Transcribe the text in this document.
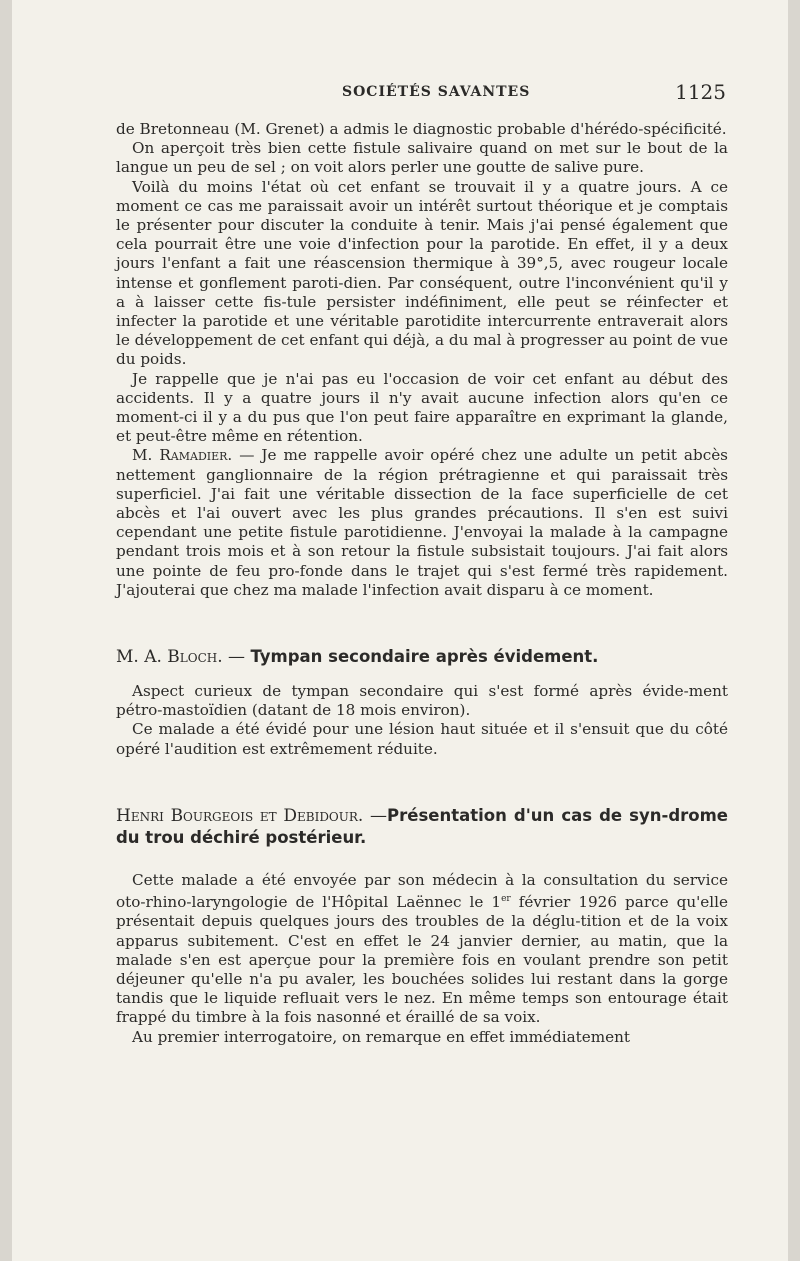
SOCIÉTÉS SAVANTES	1125

de Bretonneau (M. Grenet) a admis le diagnostic probable d'hérédo-spécificité.

On aperçoit très bien cette fistule salivaire quand on met sur le bout de la langue un peu de sel ; on voit alors perler une goutte de salive pure.

Voilà du moins l'état où cet enfant se trouvait il y a quatre jours. A ce moment ce cas me paraissait avoir un intérêt surtout théorique et je comptais le présenter pour discuter la conduite à tenir. Mais j'ai pensé également que cela pourrait être une voie d'infection pour la parotide. En effet, il y a deux jours l'enfant a fait une réascension thermique à 39°,5, avec rougeur locale intense et gonflement paroti-dien. Par conséquent, outre l'inconvénient qu'il y a à laisser cette fis-tule persister indéfiniment, elle peut se réinfecter et infecter la parotide et une véritable parotidite intercurrente entraverait alors le développement de cet enfant qui déjà, a du mal à progresser au point de vue du poids.

Je rappelle que je n'ai pas eu l'occasion de voir cet enfant au début des accidents. Il y a quatre jours il n'y avait aucune infection alors qu'en ce moment-ci il y a du pus que l'on peut faire apparaître en exprimant la glande, et peut-être même en rétention.

M. Ramadier. — Je me rappelle avoir opéré chez une adulte un petit abcès nettement ganglionnaire de la région prétragienne et qui paraissait très superficiel. J'ai fait une véritable dissection de la face superficielle de cet abcès et l'ai ouvert avec les plus grandes précautions. Il s'en est suivi cependant une petite fistule parotidienne. J'envoyai la malade à la campagne pendant trois mois et à son retour la fistule subsistait toujours. J'ai fait alors une pointe de feu pro-fonde dans le trajet qui s'est fermé très rapidement. J'ajouterai que chez ma malade l'infection avait disparu à ce moment.

M. A. Bloch. — Tympan secondaire après évidement.

Aspect curieux de tympan secondaire qui s'est formé après évide-ment pétro-mastoïdien (datant de 18 mois environ).

Ce malade a été évidé pour une lésion haut située et il s'ensuit que du côté opéré l'audition est extrêmement réduite.

Henri Bourgeois et Debidour. —Présentation d'un cas de syn-drome du trou déchiré postérieur.

Cette malade a été envoyée par son médecin à la consultation du service oto-rhino-laryngologie de l'Hôpital Laënnec le 1er février 1926 parce qu'elle présentait depuis quelques jours des troubles de la déglu-tition et de la voix apparus subitement. C'est en effet le 24 janvier dernier, au matin, que la malade s'en est aperçue pour la première fois en voulant prendre son petit déjeuner qu'elle n'a pu avaler, les bouchées solides lui restant dans la gorge tandis que le liquide refluait vers le nez. En même temps son entourage était frappé du timbre à la fois nasonné et éraillé de sa voix.

Au premier interrogatoire, on remarque en effet immédiatement
